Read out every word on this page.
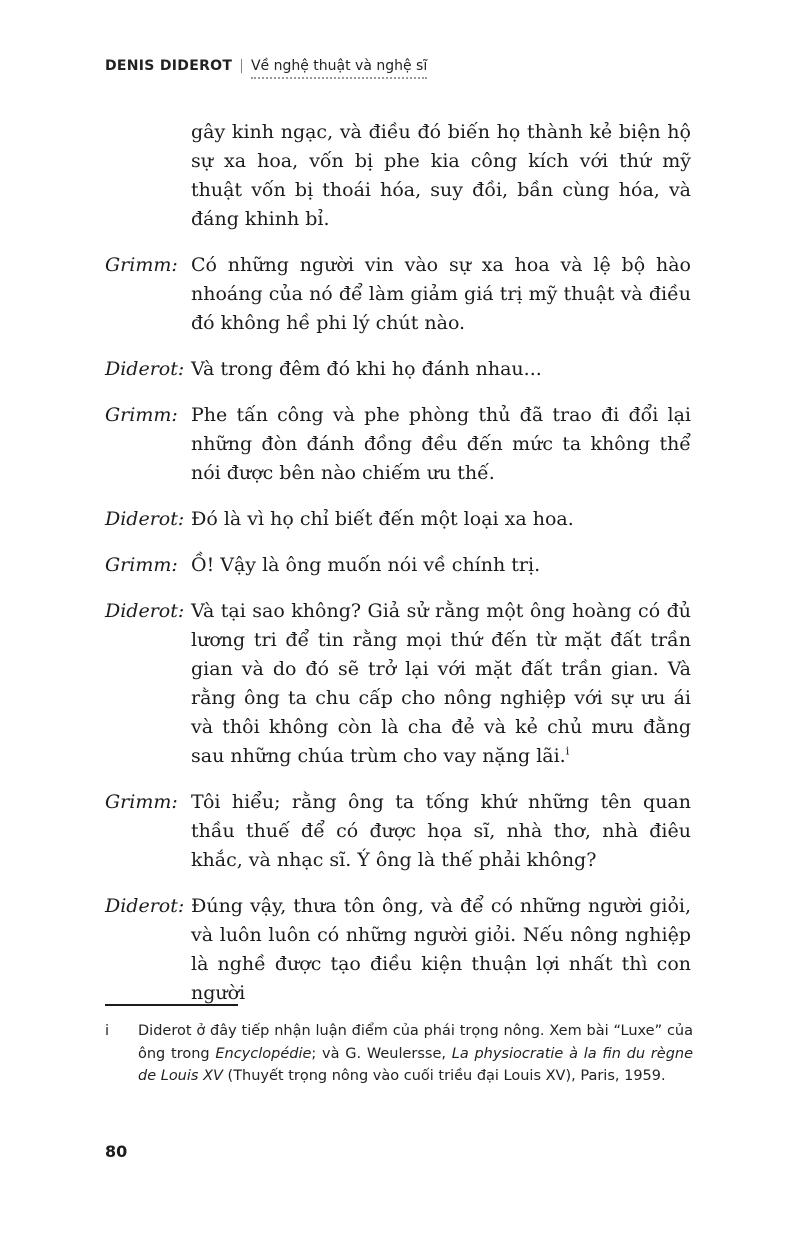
DENIS DIDEROT | Về nghệ thuật và nghệ sĩ
gây kinh ngạc, và điều đó biến họ thành kẻ biện hộ sự xa hoa, vốn bị phe kia công kích với thứ mỹ thuật vốn bị thoái hóa, suy đồi, bần cùng hóa, và đáng khinh bỉ.
Grimm: Có những người vin vào sự xa hoa và lệ bộ hào nhoáng của nó để làm giảm giá trị mỹ thuật và điều đó không hề phi lý chút nào.
Diderot: Và trong đêm đó khi họ đánh nhau...
Grimm: Phe tấn công và phe phòng thủ đã trao đi đổi lại những đòn đánh đồng đều đến mức ta không thể nói được bên nào chiếm ưu thế.
Diderot: Đó là vì họ chỉ biết đến một loại xa hoa.
Grimm: Ồ! Vậy là ông muốn nói về chính trị.
Diderot: Và tại sao không? Giả sử rằng một ông hoàng có đủ lương tri để tin rằng mọi thứ đến từ mặt đất trần gian và do đó sẽ trở lại với mặt đất trần gian. Và rằng ông ta chu cấp cho nông nghiệp với sự ưu ái và thôi không còn là cha đẻ và kẻ chủ mưu đằng sau những chúa trùm cho vay nặng lãi.$^i$
Grimm: Tôi hiểu; rằng ông ta tống khứ những tên quan thầu thuế để có được họa sĩ, nhà thơ, nhà điêu khắc, và nhạc sĩ. Ý ông là thế phải không?
Diderot: Đúng vậy, thưa tôn ông, và để có những người giỏi, và luôn luôn có những người giỏi. Nếu nông nghiệp là nghề được tạo điều kiện thuận lợi nhất thì con người
i	Diderot ở đây tiếp nhận luận điểm của phái trọng nông. Xem bài “Luxe” của ông trong Encyclopédie; và G. Weulersse, La physiocratie à la fin du règne de Louis XV (Thuyết trọng nông vào cuối triều đại Louis XV), Paris, 1959.
80
